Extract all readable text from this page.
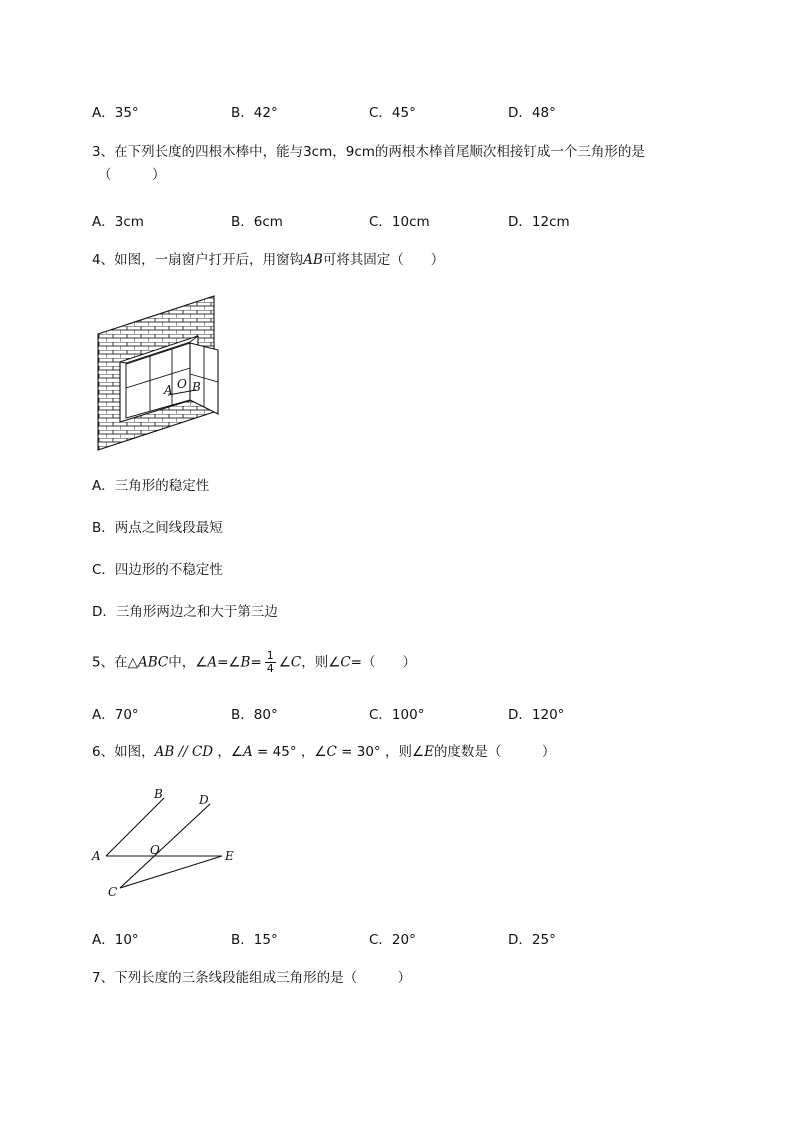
A．35°	B．42°	C．45°	D．48°
3、在下列长度的四根木棒中，能与3cm，9cm的两根木棒首尾顺次相接钉成一个三角形的是
（　　　）
A．3cm	B．6cm	C．10cm	D．12cm
4、如图，一扇窗户打开后，用窗钩AB可将其固定（　　）
A O B
A．三角形的稳定性
B．两点之间线段最短
C．四边形的不稳定性
D．三角形两边之和大于第三边
5、在△ABC中，∠A=∠B= $\frac{1}{4}$ ∠C，则∠C=（　　）
A．70°	B．80°	C．100°	D．120°
6、如图，AB // CD ，∠A = 45° ，∠C = 30° ，则∠E的度数是（　　　）
A
B
C
D
E
O
A．10°	B．15°	C．20°	D．25°
7、下列长度的三条线段能组成三角形的是（　　　）
